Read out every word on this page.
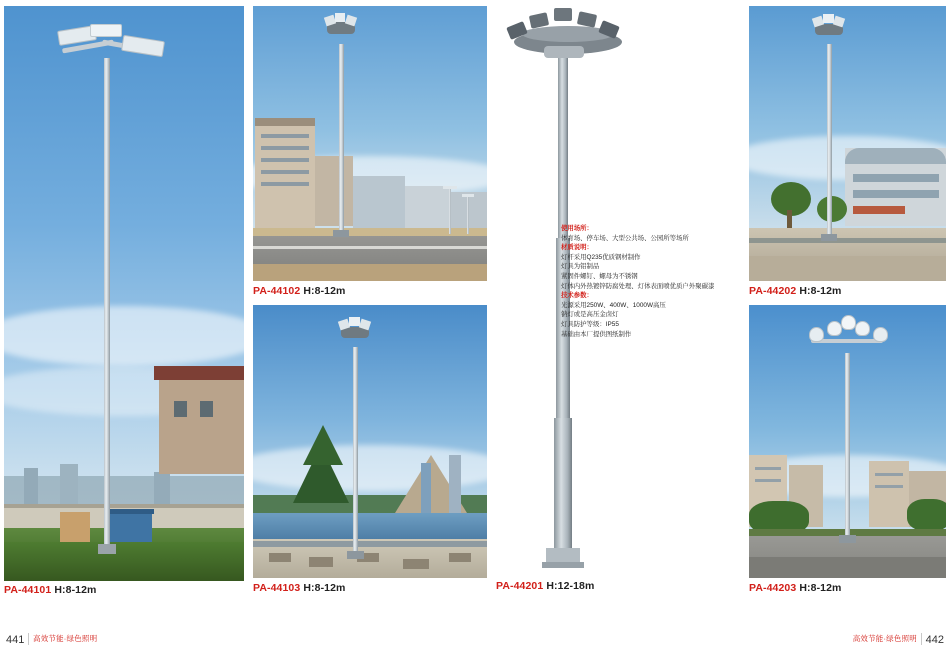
PA-44101 H:8-12m
PA-44102 H:8-12m
PA-44103 H:8-12m

使用场所：

体育场、停车场、大型公共场、公园所等场所

材质说明：

灯杆采用Q235优质钢材制作

灯具为铝制品

紧固件螺钉、螺母为不锈钢

灯体内外热镀锌防腐处理、灯体表面喷优质户外聚碳漆

技术参数：

光源采用250W、400W、1000W高压

钠灯或是高压金卤灯

灯具防护等级：IP55

基础由本厂提供图纸制作

PA-44201 H:12-18m
PA-44202 H:8-12m
PA-44203 H:8-12m
441 高效节能·绿色照明	高效节能·绿色照明 442
